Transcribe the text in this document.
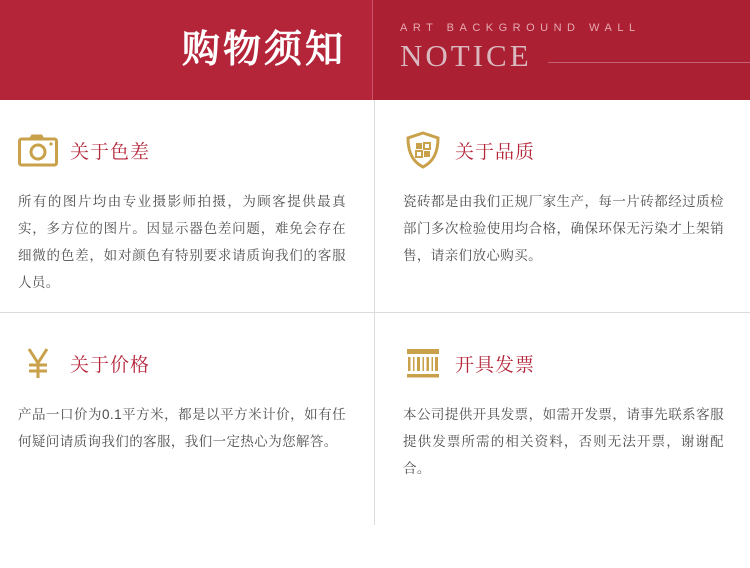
购物须知
ART BACKGROUND WALL
NOTICE
关于色差
所有的图片均由专业摄影师拍摄，为顾客提供最真实，多方位的图片。因显示器色差问题，难免会存在细微的色差，如对颜色有特别要求请质询我们的客服人员。
关于品质
瓷砖都是由我们正规厂家生产，每一片砖都经过质检部门多次检验使用均合格，确保环保无污染才上架销售，请亲们放心购买。
关于价格
产品一口价为0.1平方米，都是以平方米计价，如有任何疑问请质询我们的客服，我们一定热心为您解答。
开具发票
本公司提供开具发票，如需开发票，请事先联系客服提供发票所需的相关资料，否则无法开票，谢谢配合。
